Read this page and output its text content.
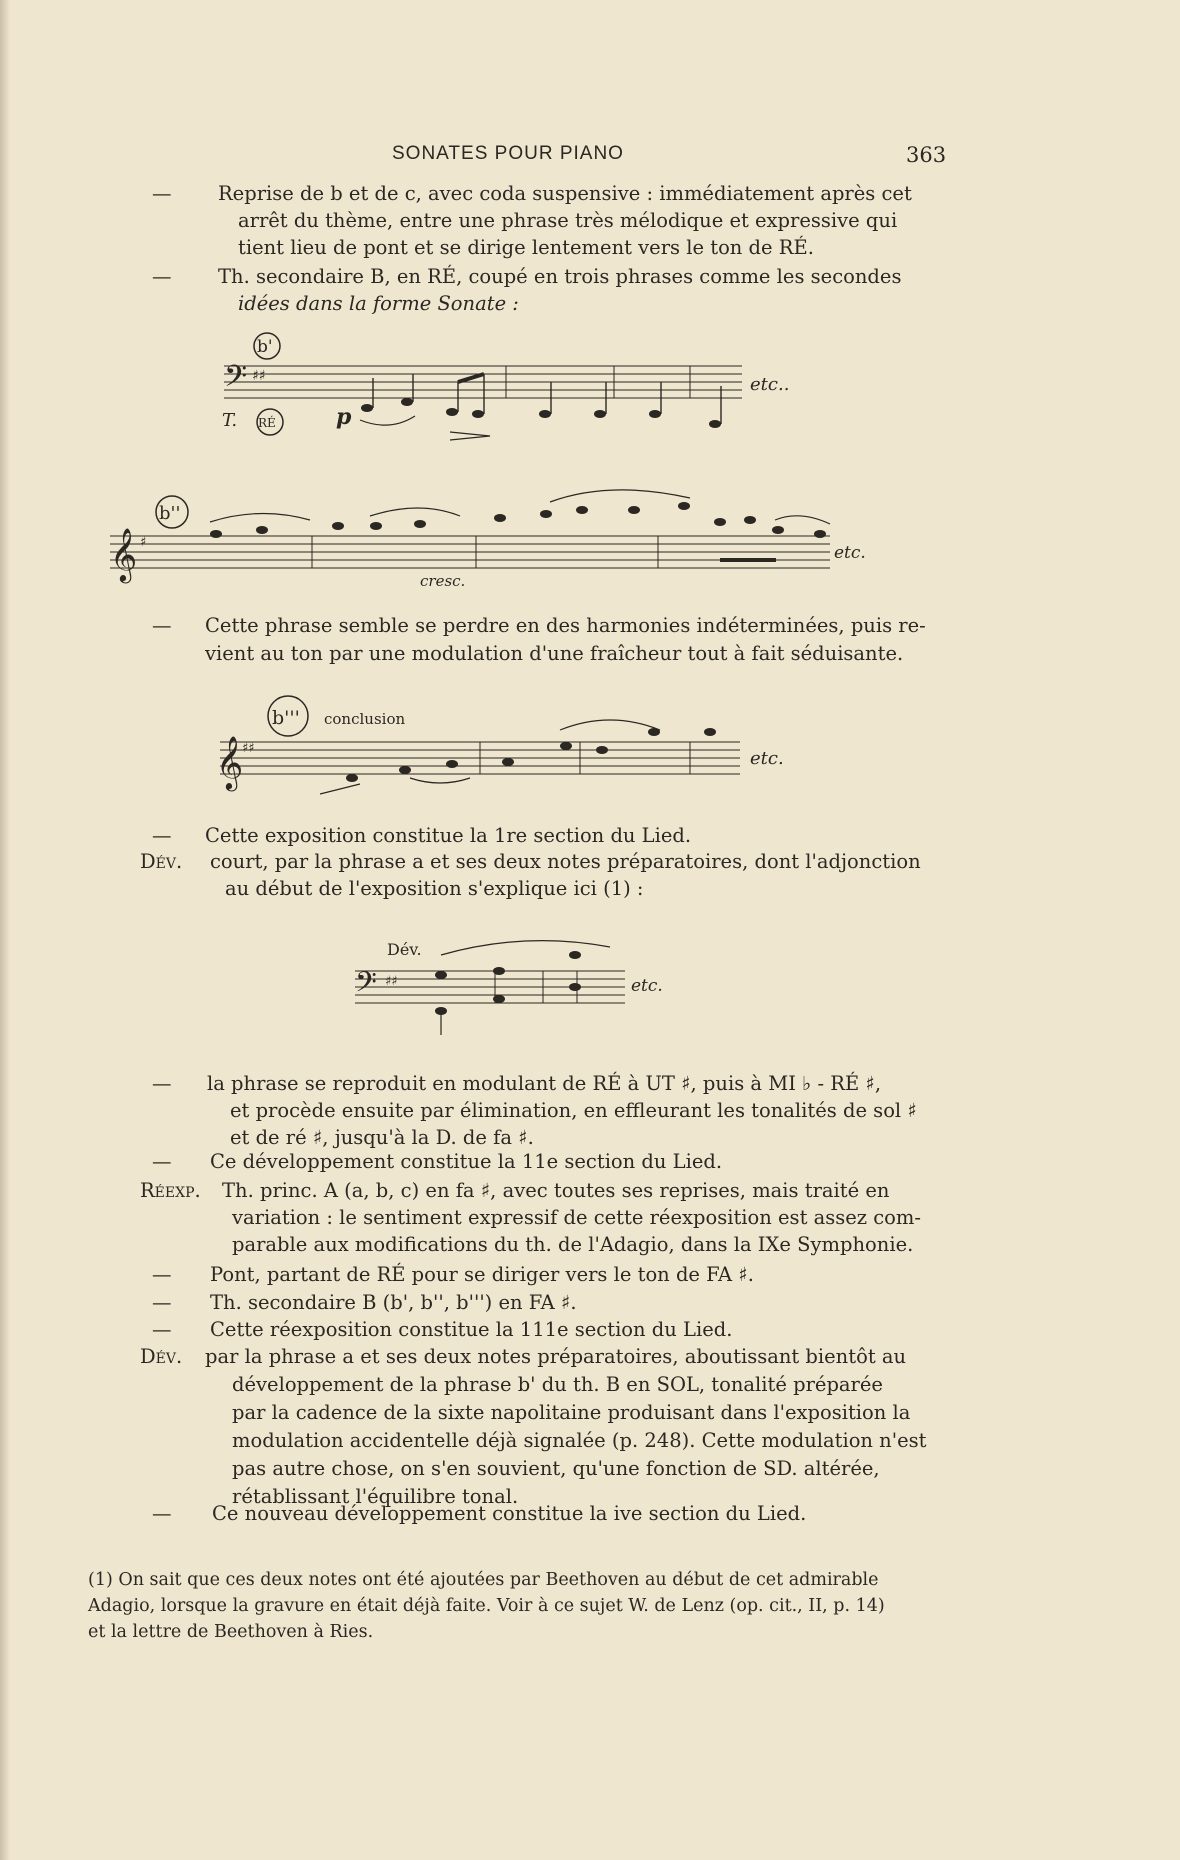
SONATES POUR PIANO	363
— Reprise de b et de c, avec coda suspensive : immédiatement après cet
arrêt du thème, entre une phrase très mélodique et expressive qui
tient lieu de pont et se dirige lentement vers le ton de RÉ.
— Th. secondaire B, en RÉ, coupé en trois phrases comme les secondes
idées dans la forme Sonate :
b'
𝄢 ♯♯
T. RÉ	p
etc..
b''
𝄞 ♯
cresc.
etc.
— Cette phrase semble se perdre en des harmonies indéterminées, puis re-
vient au ton par une modulation d'une fraîcheur tout à fait séduisante.
b''' conclusion
𝄞
♯♯	etc.
— Cette exposition constitue la 1re section du Lied.
Dév. court, par la phrase a et ses deux notes préparatoires, dont l'adjonction
au début de l'exposition s'explique ici (1) :
Dév.
𝄢 ♯♯	etc.
— la phrase se reproduit en modulant de RÉ à UT ♯, puis à MI ♭ - RÉ ♯,
et procède ensuite par élimination, en effleurant les tonalités de sol ♯
et de ré ♯, jusqu'à la D. de fa ♯.
— Ce développement constitue la 11e section du Lied.
Réexp. Th. princ. A (a, b, c) en fa ♯, avec toutes ses reprises, mais traité en
variation : le sentiment expressif de cette réexposition est assez com-
parable aux modifications du th. de l'Adagio, dans la IXe Symphonie.
— Pont, partant de RÉ pour se diriger vers le ton de FA ♯.
— Th. secondaire B (b', b'', b''') en FA ♯.
— Cette réexposition constitue la 111e section du Lied.
Dév. par la phrase a et ses deux notes préparatoires, aboutissant bientôt au
développement de la phrase b' du th. B en SOL, tonalité préparée
par la cadence de la sixte napolitaine produisant dans l'exposition la
modulation accidentelle déjà signalée (p. 248). Cette modulation n'est
pas autre chose, on s'en souvient, qu'une fonction de SD. altérée,
rétablissant l'équilibre tonal.
— Ce nouveau développement constitue la ive section du Lied.
(1) On sait que ces deux notes ont été ajoutées par Beethoven au début de cet admirable
Adagio, lorsque la gravure en était déjà faite. Voir à ce sujet W. de Lenz (op. cit., II, p. 14)
et la lettre de Beethoven à Ries.
